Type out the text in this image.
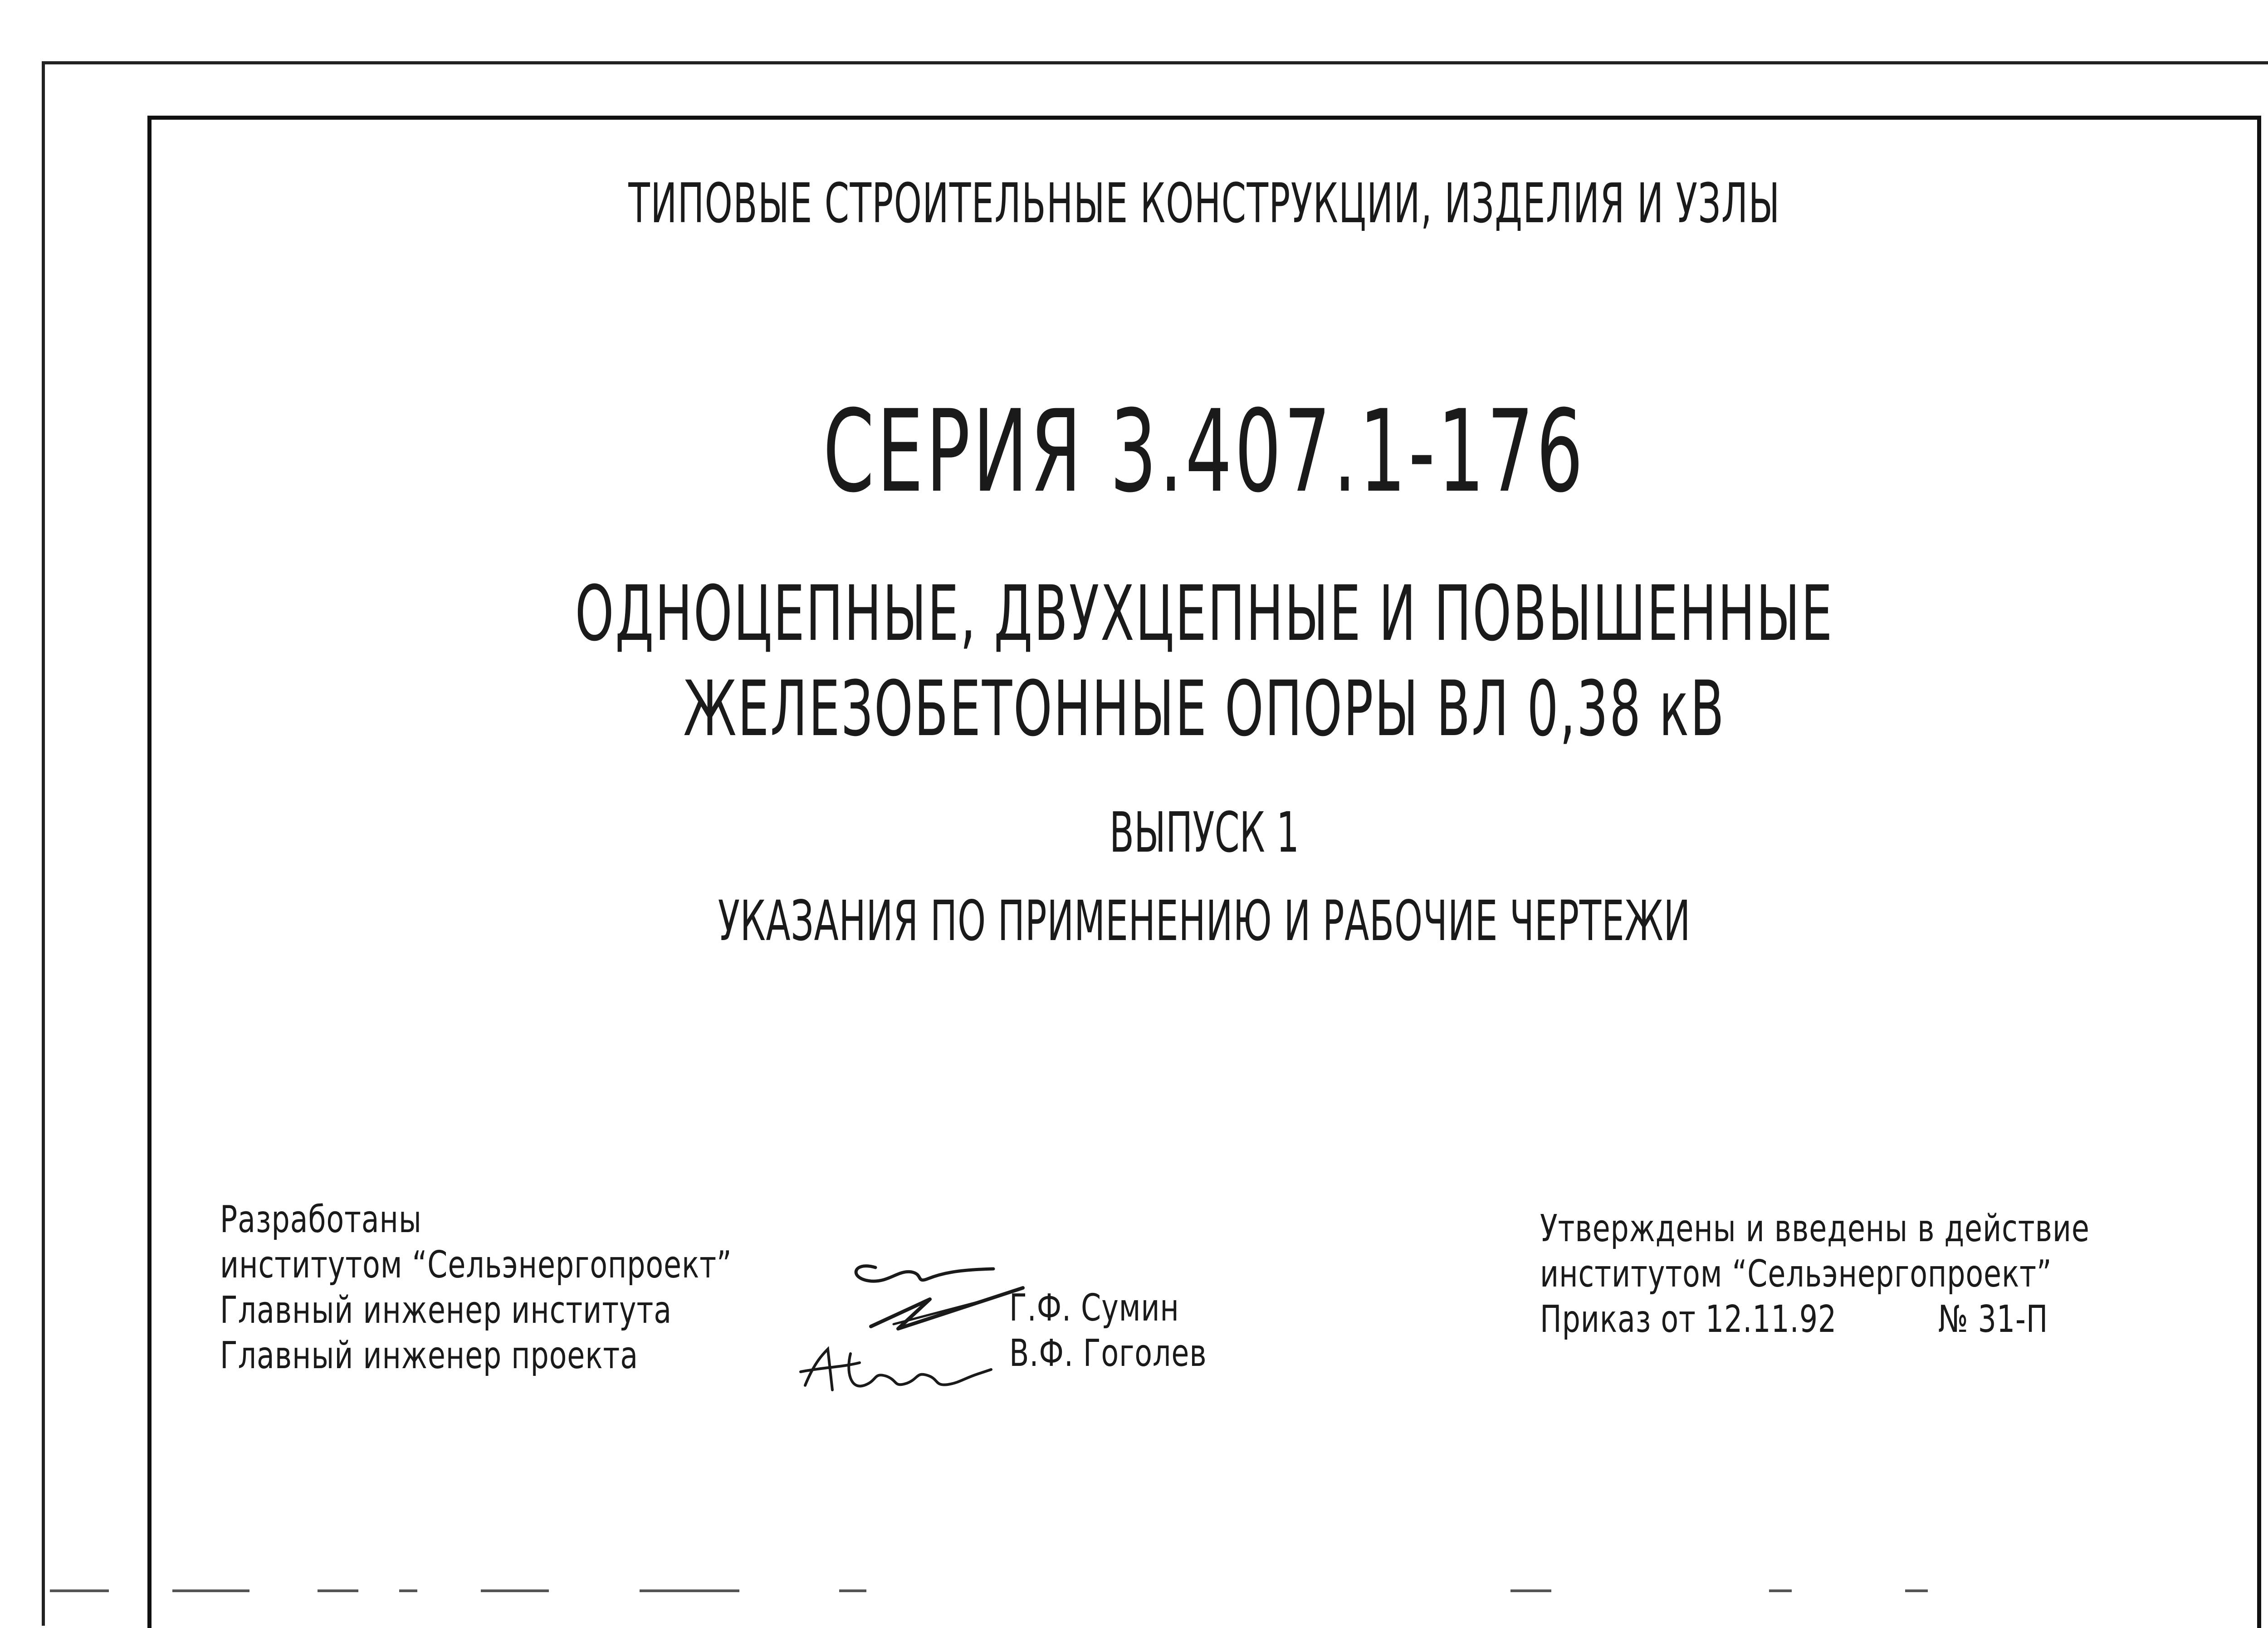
ТИПОВЫЕ СТРОИТЕЛЬНЫЕ КОНСТРУКЦИИ, ИЗДЕЛИЯ И УЗЛЫ
СЕРИЯ 3.407.1-176
ОДНОЦЕПНЫЕ, ДВУХЦЕПНЫЕ И ПОВЫШЕННЫЕ
ЖЕЛЕЗОБЕТОННЫЕ ОПОРЫ ВЛ 0,38 кВ
ВЫПУСК 1
УКАЗАНИЯ ПО ПРИМЕНЕНИЮ И РАБОЧИЕ ЧЕРТЕЖИ
Разработаны
институтом “Сельэнергопроект”
Главный инженер института
Главный инженер проекта
Г.Ф. Сумин
В.Ф. Гоголев
Утверждены и введены в действие
институтом “Сельэнергопроект”
Приказ от 12.11.92	№ 31-П
